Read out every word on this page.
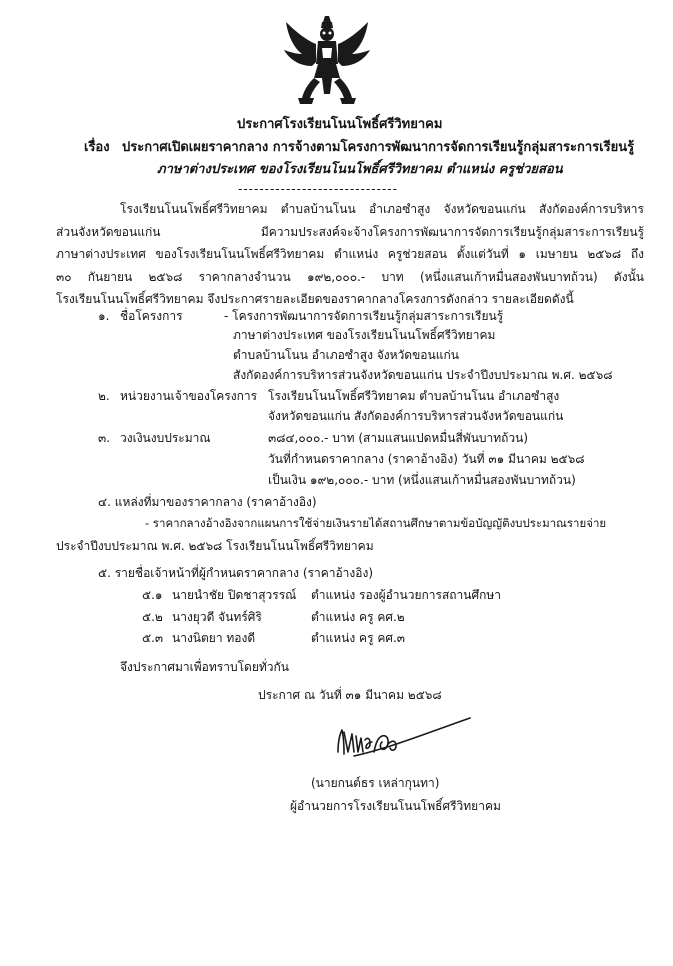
ประกาศโรงเรียนโนนโพธิ์ศรีวิทยาคม
เรื่อง ประกาศเปิดเผยราคากลาง การจ้างตามโครงการพัฒนาการจัดการเรียนรู้กลุ่มสาระการเรียนรู้
ภาษาต่างประเทศ ของโรงเรียนโนนโพธิ์ศรีวิทยาคม ตำแหน่ง ครูช่วยสอน
------------------------------
โรงเรียนโนนโพธิ์ศรีวิทยาคม ตำบลบ้านโนน อำเภอซำสูง จังหวัดขอนแก่น สังกัดองค์การบริหาร
ส่วนจังหวัดขอนแก่น มีความประสงค์จะจ้างโครงการพัฒนาการจัดการเรียนรู้กลุ่มสาระการเรียนรู้
ภาษาต่างประเทศ ของโรงเรียนโนนโพธิ์ศรีวิทยาคม ตำแหน่ง ครูช่วยสอน ตั้งแต่วันที่ ๑ เมษายน ๒๕๖๘ ถึง
๓๐ กันยายน ๒๕๖๘ ราคากลางจำนวน ๑๙๒,๐๐๐.- บาท (หนึ่งแสนเก้าหมื่นสองพันบาทถ้วน) ดังนั้น
โรงเรียนโนนโพธิ์ศรีวิทยาคม จึงประกาศรายละเอียดของราคากลางโครงการดังกล่าว รายละเอียดดังนี้
๑. ชื่อโครงการ	- โครงการพัฒนาการจัดการเรียนรู้กลุ่มสาระการเรียนรู้
ภาษาต่างประเทศ ของโรงเรียนโนนโพธิ์ศรีวิทยาคม
ตำบลบ้านโนน อำเภอซำสูง จังหวัดขอนแก่น
สังกัดองค์การบริหารส่วนจังหวัดขอนแก่น ประจำปีงบประมาณ พ.ศ. ๒๕๖๘
๒. หน่วยงานเจ้าของโครงการ โรงเรียนโนนโพธิ์ศรีวิทยาคม ตำบลบ้านโนน อำเภอซำสูง
จังหวัดขอนแก่น สังกัดองค์การบริหารส่วนจังหวัดขอนแก่น
๓. วงเงินงบประมาณ	๓๘๔,๐๐๐.- บาท (สามแสนแปดหมื่นสี่พันบาทถ้วน)
วันที่กำหนดราคากลาง (ราคาอ้างอิง) วันที่ ๓๑ มีนาคม ๒๕๖๘
เป็นเงิน ๑๙๒,๐๐๐.- บาท (หนึ่งแสนเก้าหมื่นสองพันบาทถ้วน)
๔. แหล่งที่มาของราคากลาง (ราคาอ้างอิง)
- ราคากลางอ้างอิงจากแผนการใช้จ่ายเงินรายได้สถานศึกษาตามข้อบัญญัติงบประมาณรายจ่าย
ประจำปีงบประมาณ พ.ศ. ๒๕๖๘ โรงเรียนโนนโพธิ์ศรีวิทยาคม
๕. รายชื่อเจ้าหน้าที่ผู้กำหนดราคากลาง (ราคาอ้างอิง)
๕.๑ นายนำชัย ปิดชาสุวรรณ์ ตำแหน่ง รองผู้อำนวยการสถานศึกษา
๕.๒ นางยุวดี จันทร์ศิริ	ตำแหน่ง ครู คศ.๒
๕.๓ นางนิตยา ทองดี	ตำแหน่ง ครู คศ.๓
จึงประกาศมาเพื่อทราบโดยทั่วกัน
ประกาศ ณ วันที่ ๓๑ มีนาคม ๒๕๖๘
(นายกนต์ธร เหล่ากุนทา)
ผู้อำนวยการโรงเรียนโนนโพธิ์ศรีวิทยาคม
